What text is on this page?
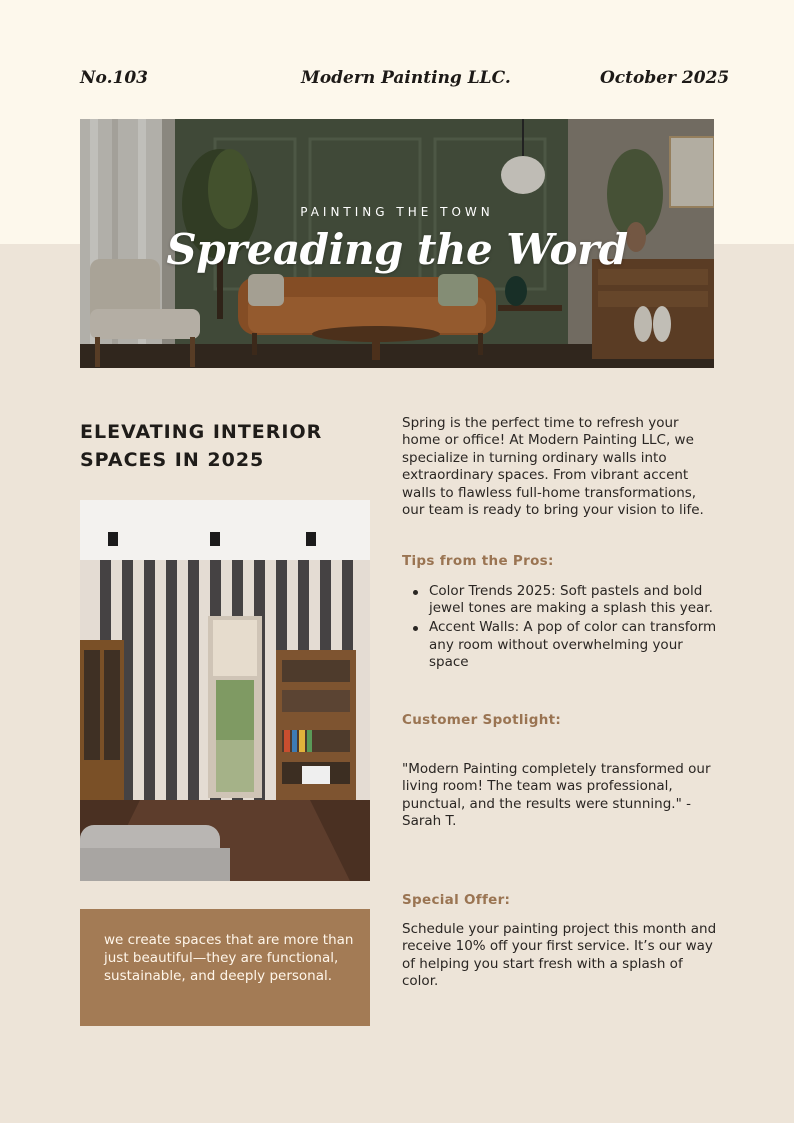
No.103	Modern Painting LLC.	October 2025
PAINTING THE TOWN
Spreading the Word
ELEVATING INTERIOR
SPACES IN 2025
we create spaces that are more than just beautiful—they are functional, sustainable, and deeply personal.

Spring is the perfect time to refresh your home or office! At Modern Painting LLC, we specialize in turning ordinary walls into extraordinary spaces. From vibrant accent walls to flawless full-home transformations, our team is ready to bring your vision to life.

Tips from the Pros:
Color Trends 2025: Soft pastels and bold jewel tones are making a splash this year.
Accent Walls: A pop of color can transform any room without overwhelming your space
Customer Spotlight:

"Modern Painting completely transformed our living room! The team was professional, punctual, and the results were stunning." - Sarah T.

Special Offer:

Schedule your painting project this month and receive 10% off your first service. It’s our way of helping you start fresh with a splash of color.
